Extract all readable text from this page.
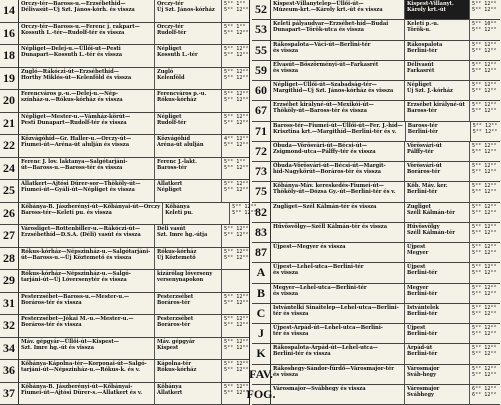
14	Orczy-tér—Baross-u.—Erzsébethid—
Délivasút—Új Szt. János-kórh. és vissza
Orczy-tér
Új Szt. János-kórház
5°° 1°°
5°° 12°°
16	Orczy-tér—Baross-u.—Ferenc j. rakpart—
Kossuth L.-tér—Rudolf-tér és vissza
Orczy-tér
Rudolf-tér
5°° 1°°
5°° 12°°
18	Népliget—Delej-u.—Üllői-ut—Pesti
Dunapart—Kossuth L.-tér és vissza
Népliget
Kossuth L.-tér
5°° 12°°
5°° 12°°
19	Zugló—Rákóczi-út—Erzsébethíd—
Horthy Miklós-út—Kelenföld és vissza
Zugló
Kelenföld
5°° 12°°
5°° 12°°
20	Ferencváros p.-u.—Delej-u.—Nép-
színház-u.—Rókus-kórház és vissza
Ferencváros p.-u.
Rókus-kórház
5°° 12°°
5°° 12°°
21	Népliget—Mester-u.—Vámház-körút—
Pesti Dunapart—Rudolf-tér és vissza
Népliget
Rudolf-tér
5°° 12°°
5°° 12°°
22	Közvágóhíd—Gr. Haller-u.—Orczy-út—
Fiumei-út—Aréna-út alulján és vissza
Közvágóhíd
Aréna-út alulján
4°° 12°°
5°° 12°°
24	Ferenc J. lov. laktanya—Salgótarjáni-
út—Baross-u.—Baross-tér és vissza
Ferenc J.-lakt.
Baross-tér
5°° 1°°
5°° 12°°
25	Állatkert—Ajtósi Dürer-sor—Thököly-út—
Fiumei-út—Gyáli-út—Népliget és vissza
Állatkert
Népliget
5°° 12°°
5°° 12°°
26	Kőbánya-B. Jászberényi-út—Kőbányai-út—Orczy
Baross-tér—Keleti pu. és vissza
Kőbánya
Keleti pu.
5°° 12°°
5°° 12°°
27	Városliget—Rottenbiller-u.—Rákóczi-út—
Erzsébethíd—D.S.A. (Déli) vasút és vissza
Déli vasút
Szt. Imre hg.-útja
5°° 12°°
5°° 12°°
28	Rókus-kórház—Népszinház-u.—Salgótarjáni-
út—Baross-u.—Üj Köztemető és vissza
Rókus-kórház
Új Köztemető
5°° 12°°
5°° 12°°
29	Rókus-kórház—Népszinház-u.—Salgó-
tarjáni-út—Új Lóversenytér és vissza
kizárólag lóverseny
versenynapokon
31	Pesterzsébet—Baross-u.—Mester-u.—
Boráros-tér és vissza
Pesterzsébet
Boráros-tér
5°° 12°°
5°° 12°°
32	Pesterzsébet—Jókai M.-u.—Mester-u.—
Boráros-tér és vissza
Pesterzsébet
Boráros-tér
5°° 12°°
5°° 12°°
34	Máv. gépgyár—Üllői-út—Kispest—
Szt. Imre hg.-út és vissza
Máv. gépgyár
Kispest
5°° 12°°
5°° 12°°
36	Kőbánya-Kápolna-tér—Korponai-út—Salgó-
tarjáni-út—Népszinház-u.—Rókus-k. és v.
Kápolna-tér
Rókus-kórház
5°° 12°°
5°° 12°°
37	Kőbánya-B. Jászberényi-út—Kőbányai-
Fiumei-út—Ajtósi Dürer-s.—Állatkert és v.
Kőbánya
Állatkert
5°° 12°°
5°° 12°°
52	Kispest-Villanytelep—Üllői-út—
Múzeum-krt.—Károly krt.-út és vissza
Kispest-Villanyt.
Károly krt.-út
5°° 12°°
5°° 12°°
53	Keleti pályaudvar—Erzsébet-híd—Budai
Dunapart—Török-utca és vissza
Keleti p.-u.
Török-u.
5°° 10°°
5°° 12°°
55	Rákospalota—Váci-út—Berlini-tér
és vissza
Rákospalota
Berlini-tér
5°° 12°°
5°° 12°°
59	Élvasút—Böszörményi-út—Farkasrét
és vissza
Délivasút
Farkasrét
5°° 12°°
5°° 12°°
60	Népliget—Üllői-út—Szabadság-tér—
Margithíd—Új Szt. János-kórház és vissza
Népliget
Új Szt. J.-kórház
5°° 12°°
5°° 12°°
67	Erzsébet királyné-út—Mexikói-út—
Thököly-út—Baross-tér és vissza
Erzsébet királyné-út
Baross-tér
5°° 12°°
5°° 12°°
71	Baross-tér—Fiumei-út—Üllői-út—Fer. J.-híd—
Krisztina krt.—Margithíd—Berlini-tér és v.
Baross-tér
Berlini-tér
5°° 12°°
5°° 12°°
72	Óbuda—Vörösvári-út—Bécsi-út—
Zsigmond-utca—Pálffy-tér és vissza
Vörösvári-út
Pálffy-tér
5°° 12°°
5°° 12°°
73	Óbuda-Vörösvári-út—Bécsi-út—Margit-
híd-Nagykörút—Boráros-tér és vissza
Vörösvári-út
Boráros-tér
5°° 12°°
5°° 12°°
75	Kőbánya-Máv. kereskedés-Fiumei-út—
Thököly-út—Dózsa Gy.-út—Berlini-tér és v.
Kőb. Máv. ker.
Berlini-tér
5°° 12°°
5°° 12°°
82	Zugliget—Szél Kálmán-tér és vissza	Zugliget
Széll Kálmán-tér
5°° 12°°
5°° 12°°
83	Hűvösvölgy—Széll Kálmán-tér és vissza	Hűvösvölgy
Széll Kálmán-tér
5°° 12°°
5°° 12°°
87	Újpest—Megyer és vissza	Újpest
Megyer
5°° 12°°
5°° 12°°
A	Újpest—Lehel-utca—Berlini-tér
és vissza
Újpest
Berlini-tér
5°° 12°°
5°° 12°°
B	Megyer—Lehel-utca—Berlini-tér
és vissza
Megyer
Berlini-tér
5°° 12°°
5°° 12°°
C	Istvántelki Sinaitelep—Lehel-utca—Berlini-
tér és vissza
Istvántelek
Berlini-tér
5°° 12°°
5°° 12°°
J	Újpest-Árpád-út—Lehel-utca—Berlini-
tér és vissza
Újpest
Berlini-tér
5°° 12°°
5°° 12°°
K	Rákospalota-Árpád-út—Lehel-utca—
Berlini-tér és vissza
Árpád-út
Berlini-tér
5°° 12°°
5°° 12°°
FAV. Rákoshegy-Sándor-fürdő—Városmajor-tér
és vissza
Városmajor
Sváb-hegy
5°° 12°°
5°° 12°°
FOG.
Városmajor—Svábhegy és vissza	Városmajor
Svábhegy
6°° 12°°
6°° 12°°
